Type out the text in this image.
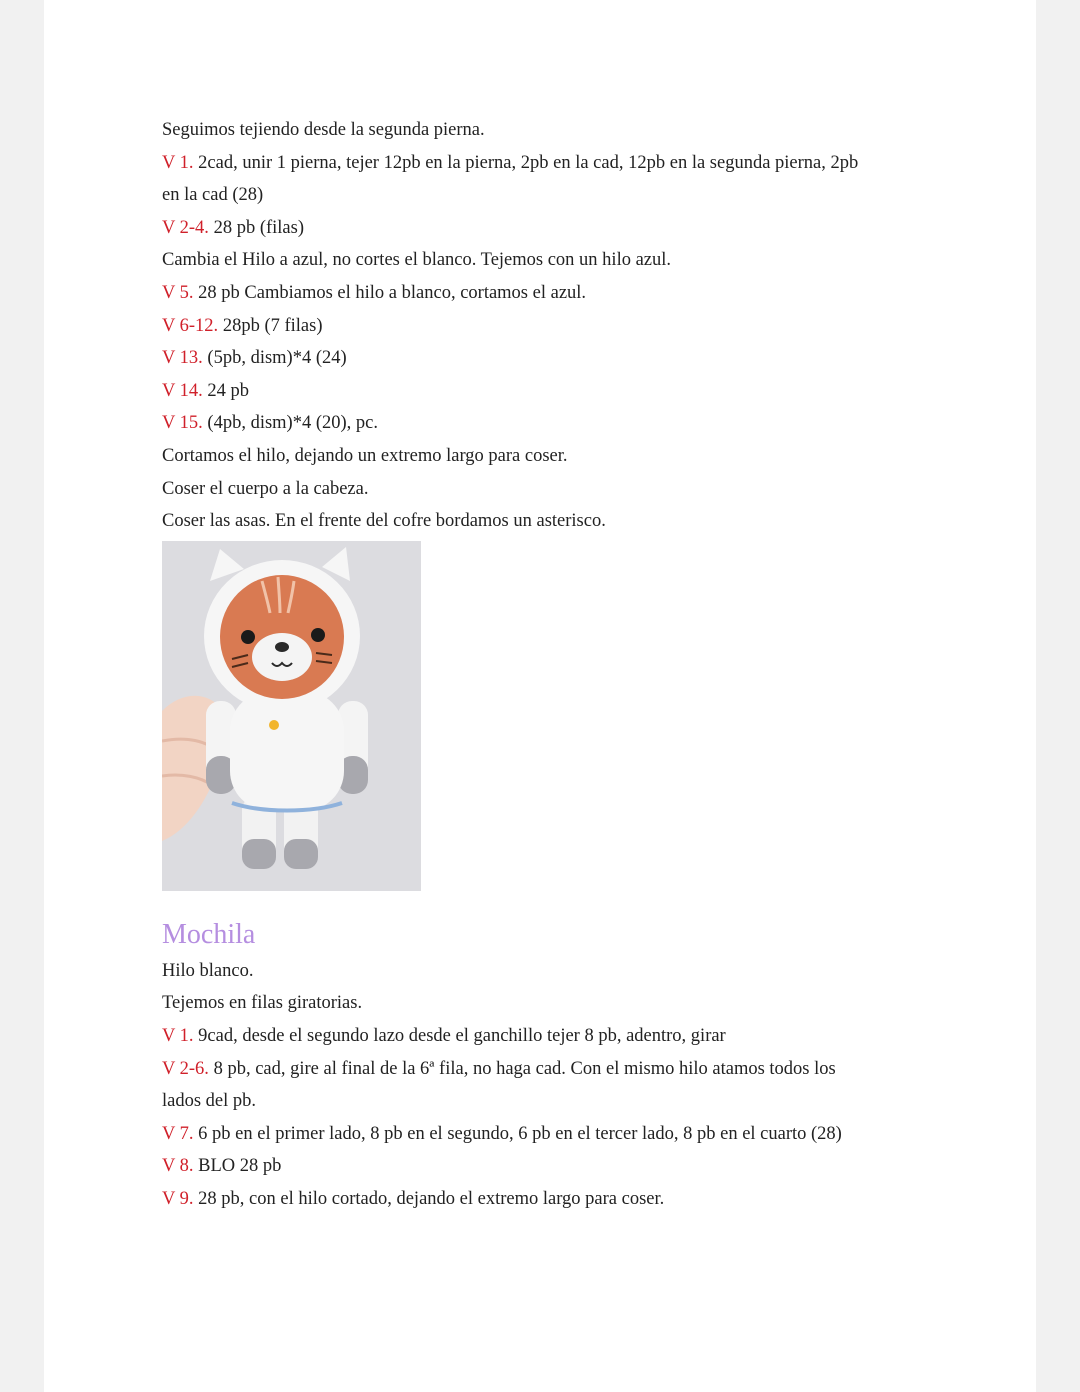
Seguimos tejiendo desde la segunda pierna.

V 1. 2cad, unir 1 pierna, tejer 12pb en la pierna, 2pb en la cad, 12pb en la segunda pierna, 2pb

en la cad (28)

V 2-4. 28 pb (filas)

Cambia el Hilo a azul, no cortes el blanco. Tejemos con un hilo azul.

V 5. 28 pb Cambiamos el hilo a blanco, cortamos el azul.

V 6-12. 28pb (7 filas)

V 13. (5pb, dism)*4 (24)

V 14. 24 pb

V 15. (4pb, dism)*4 (20), pc.

Cortamos el hilo, dejando un extremo largo para coser.

Coser el cuerpo a la cabeza.

Coser las asas. En el frente del cofre bordamos un asterisco.

Mochila

Hilo blanco.

Tejemos en filas giratorias.

V 1. 9cad, desde el segundo lazo desde el ganchillo tejer 8 pb, adentro, girar

V 2-6. 8 pb, cad, gire al final de la 6ª fila, no haga cad. Con el mismo hilo atamos todos los

lados del pb.

V 7. 6 pb en el primer lado, 8 pb en el segundo, 6 pb en el tercer lado, 8 pb en el cuarto (28)

V 8. BLO 28 pb

V 9. 28 pb, con el hilo cortado, dejando el extremo largo para coser.
